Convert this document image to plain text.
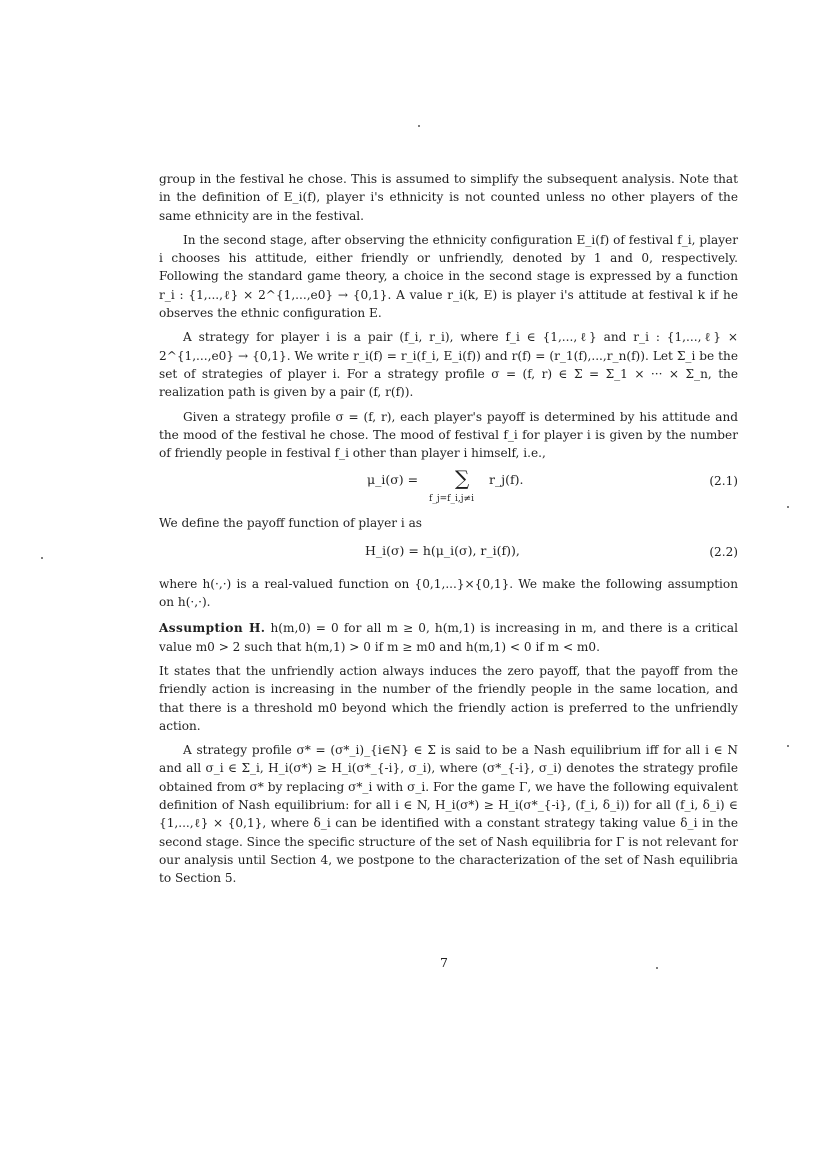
group in the festival he chose. This is assumed to simplify the subsequent analysis. Note that in the definition of E_i(f), player i's ethnicity is not counted unless no other players of the same ethnicity are in the festival.

In the second stage, after observing the ethnicity configuration E_i(f) of festival f_i, player i chooses his attitude, either friendly or unfriendly, denoted by 1 and 0, respectively. Following the standard game theory, a choice in the second stage is expressed by a function r_i : {1,...,ℓ} × 2^{1,...,e0} → {0,1}. A value r_i(k, E) is player i's attitude at festival k if he observes the ethnic configuration E.

A strategy for player i is a pair (f_i, r_i), where f_i ∈ {1,...,ℓ} and r_i : {1,...,ℓ} × 2^{1,...,e0} → {0,1}. We write r_i(f) = r_i(f_i, E_i(f)) and r(f) = (r_1(f),...,r_n(f)). Let Σ_i be the set of strategies of player i. For a strategy profile σ = (f, r) ∈ Σ = Σ_1 × ··· × Σ_n, the realization path is given by a pair (f, r(f)).

Given a strategy profile σ = (f, r), each player's payoff is determined by his attitude and the mood of the festival he chose. The mood of festival f_i for player i is given by the number of friendly people in festival f_i other than player i himself, i.e.,

μ_i(σ) = ∑ r_j(f).
f_j=f_i,j≠i
(2.1)

We define the payoff function of player i as

H_i(σ) = h(μ_i(σ), r_i(f)),	(2.2)

where h(·,·) is a real-valued function on {0,1,...}×{0,1}. We make the following assumption on h(·,·).

Assumption H. h(m,0) = 0 for all m ≥ 0, h(m,1) is increasing in m, and there is a critical value m0 > 2 such that h(m,1) > 0 if m ≥ m0 and h(m,1) < 0 if m < m0.

It states that the unfriendly action always induces the zero payoff, that the payoff from the friendly action is increasing in the number of the friendly people in the same location, and that there is a threshold m0 beyond which the friendly action is preferred to the unfriendly action.

A strategy profile σ* = (σ*_i)_{i∈N} ∈ Σ is said to be a Nash equilibrium iff for all i ∈ N and all σ_i ∈ Σ_i, H_i(σ*) ≥ H_i(σ*_{-i}, σ_i), where (σ*_{-i}, σ_i) denotes the strategy profile obtained from σ* by replacing σ*_i with σ_i. For the game Γ, we have the following equivalent definition of Nash equilibrium: for all i ∈ N, H_i(σ*) ≥ H_i(σ*_{-i}, (f_i, δ_i)) for all (f_i, δ_i) ∈ {1,...,ℓ} × {0,1}, where δ_i can be identified with a constant strategy taking value δ_i in the second stage. Since the specific structure of the set of Nash equilibria for Γ is not relevant for our analysis until Section 4, we postpone to the characterization of the set of Nash equilibria to Section 5.

7
